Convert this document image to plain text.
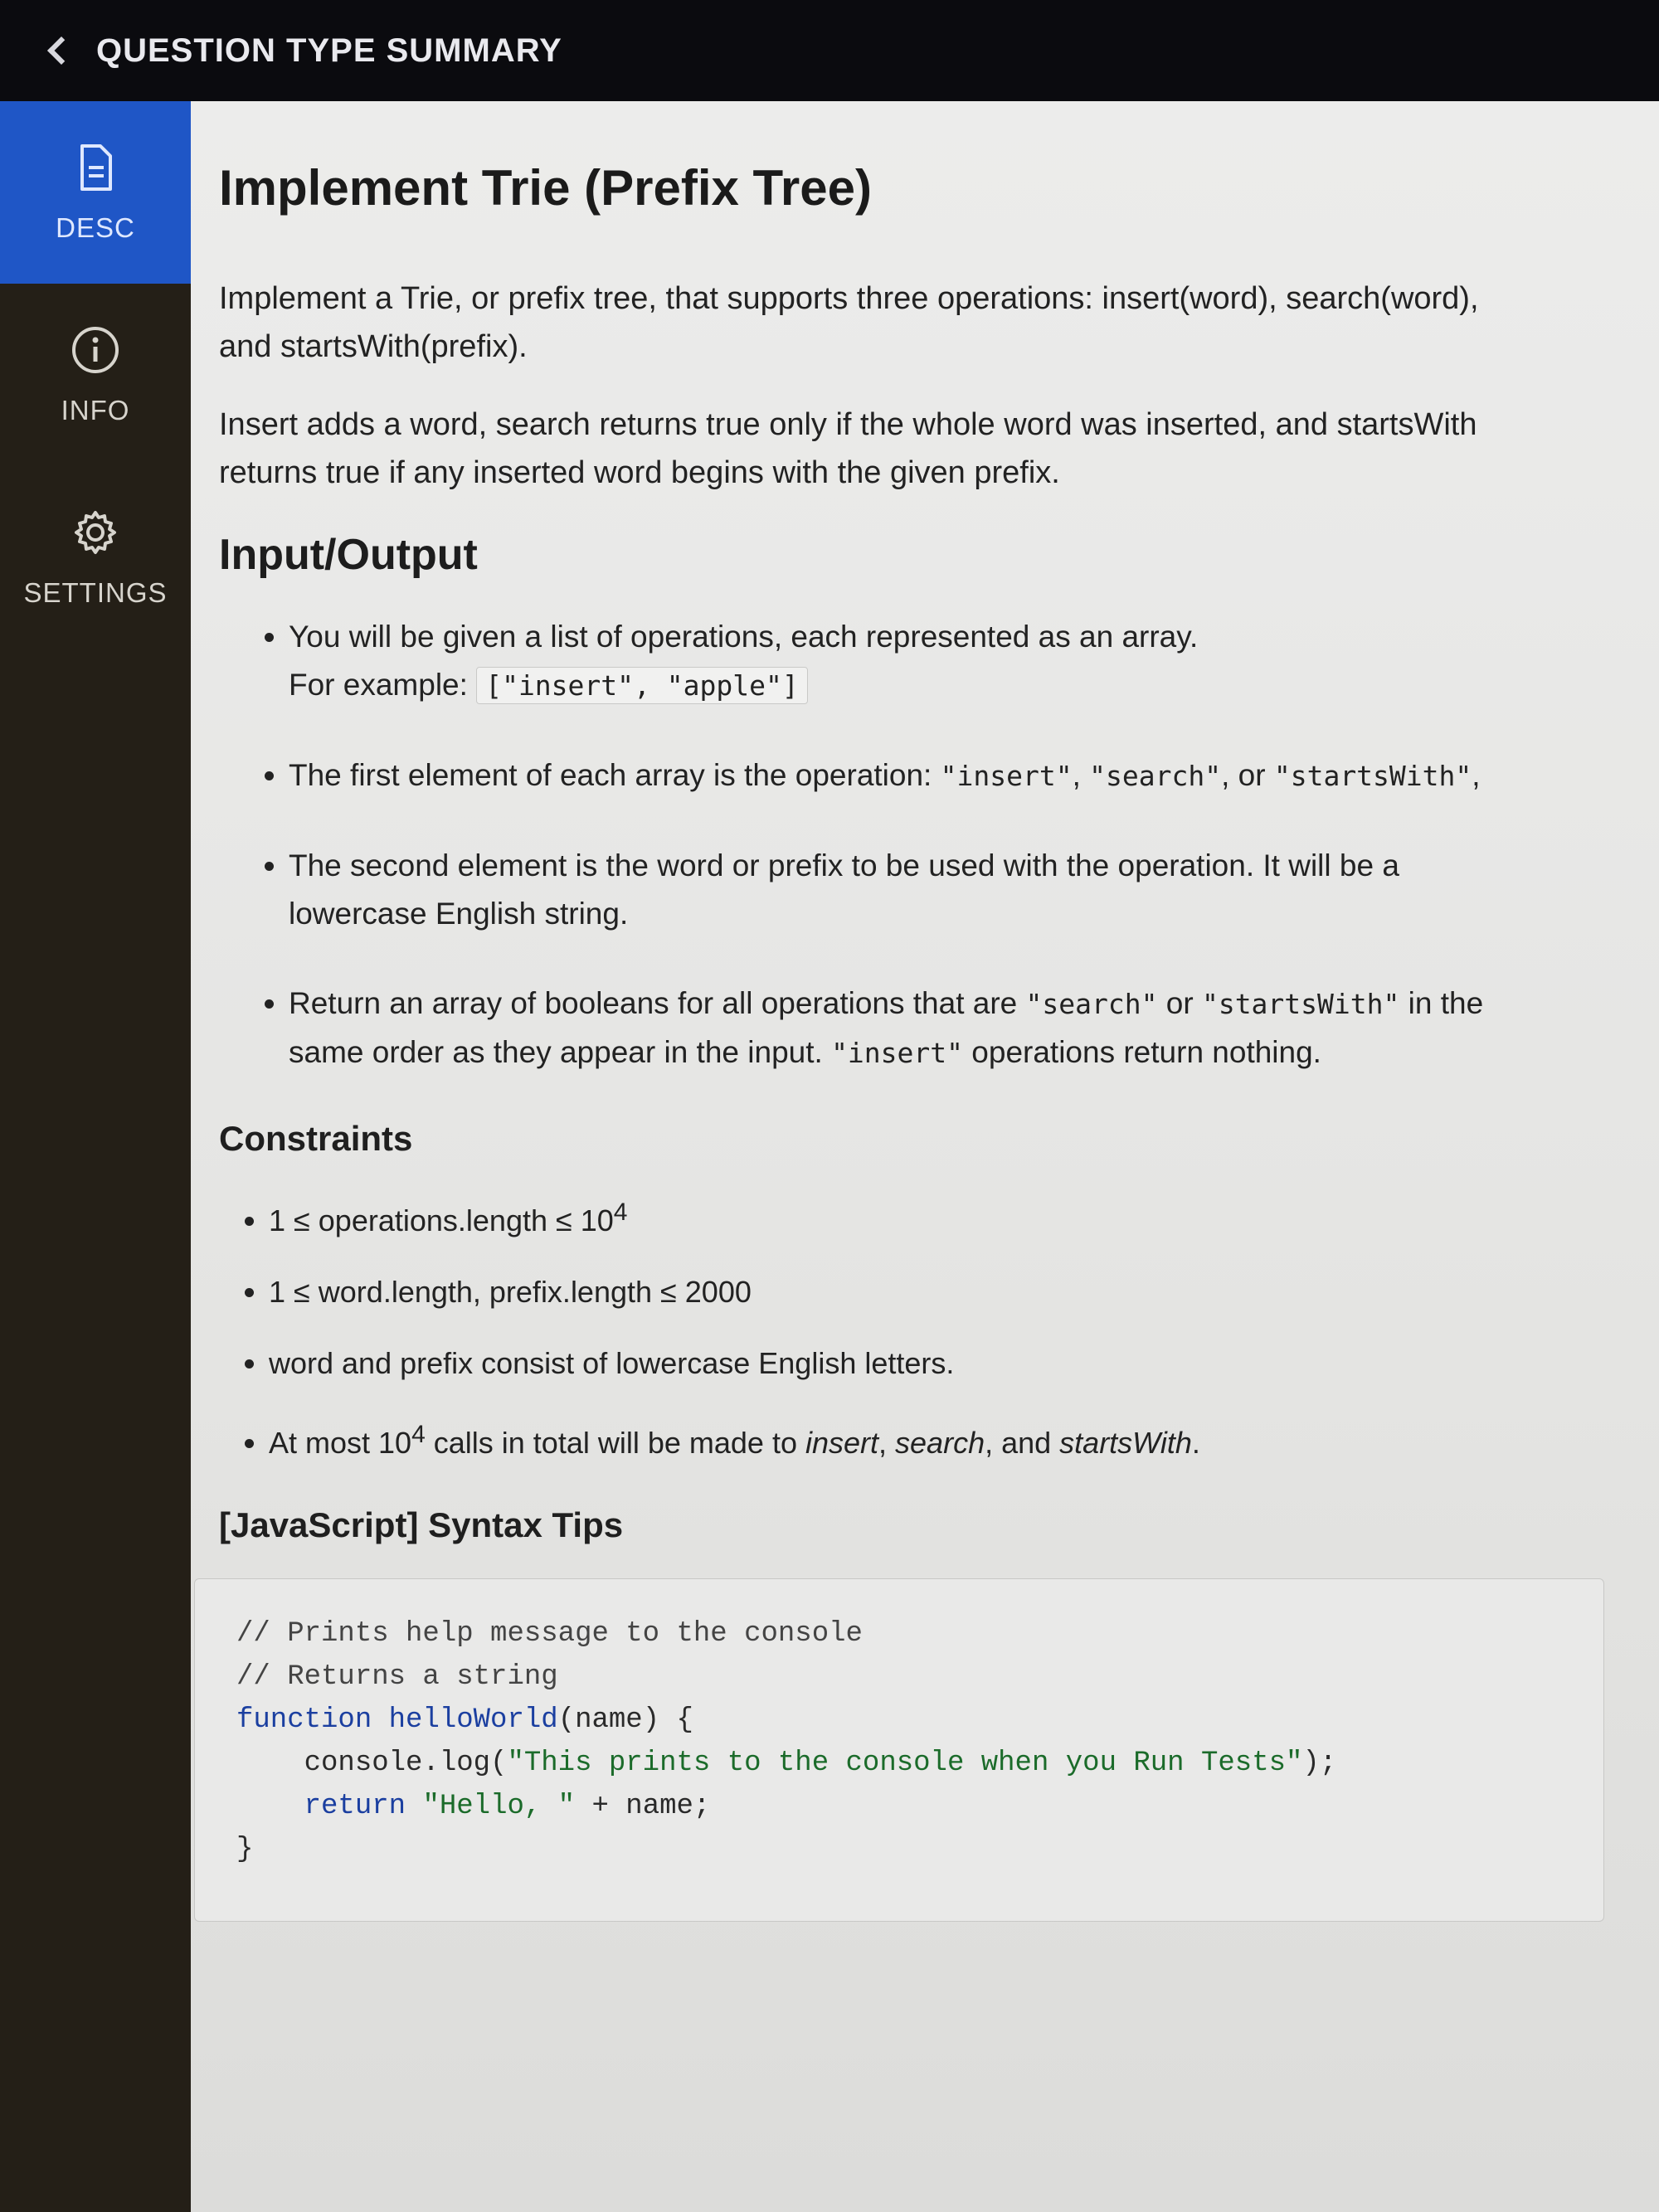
QUESTION TYPE SUMMARY
DESC
INFO
SETTINGS
Implement Trie (Prefix Tree)

Implement a Trie, or prefix tree, that supports three operations: insert(word), search(word), and startsWith(prefix).

Insert adds a word, search returns true only if the whole word was inserted, and startsWith returns true if any inserted word begins with the given prefix.

Input/Output
• You will be given a list of operations, each represented as an array.
For example: ["insert", "apple"]
• The first element of each array is the operation: "insert", "search", or "startsWith",
• The second element is the word or prefix to be used with the operation. It will be a lowercase English string.
• Return an array of booleans for all operations that are "search" or "startsWith" in the same order as they appear in the input. "insert" operations return nothing.
Constraints
• 1 ≤ operations.length ≤ $10^4$
• 1 ≤ word.length, prefix.length ≤ 2000
• word and prefix consist of lowercase English letters.
• At most $10^4$ calls in total will be made to insert, search, and startsWith.
[JavaScript] Syntax Tips
// Prints help message to the console
// Returns a string
function helloWorld(name) {
console.log("This prints to the console when you Run Tests");
return "Hello, " + name;
}
